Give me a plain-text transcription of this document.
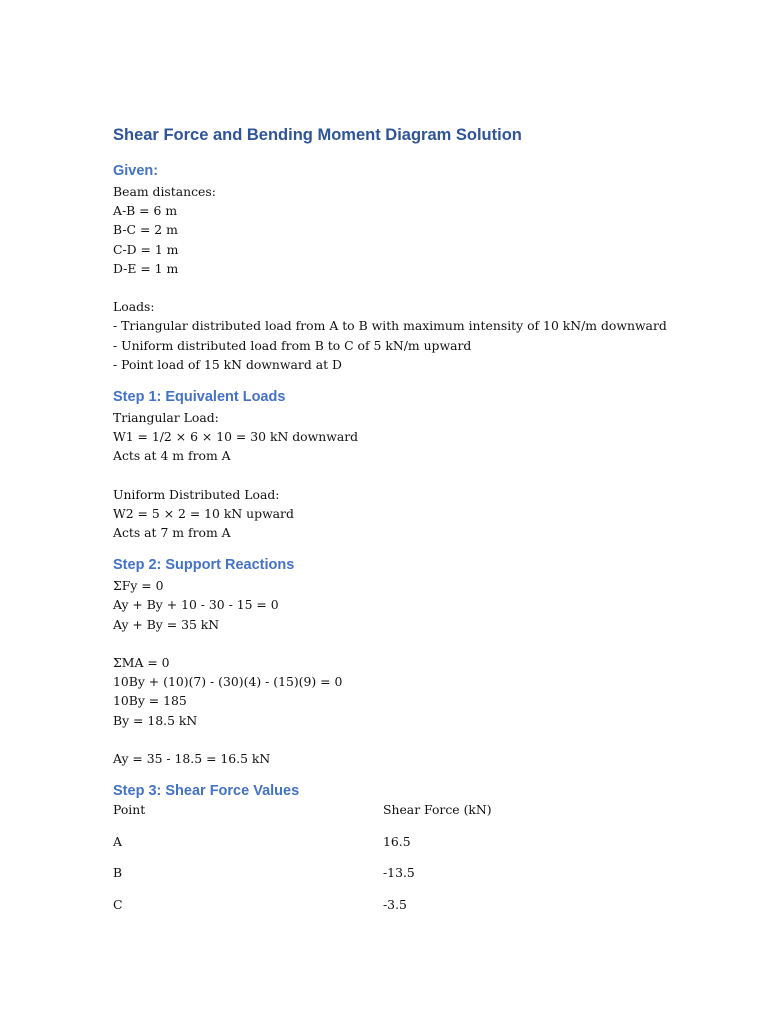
Shear Force and Bending Moment Diagram Solution
Given:
Beam distances:
A-B = 6 m
B-C = 2 m
C-D = 1 m
D-E = 1 m
Loads:
- Triangular distributed load from A to B with maximum intensity of 10 kN/m downward
- Uniform distributed load from B to C of 5 kN/m upward
- Point load of 15 kN downward at D
Step 1: Equivalent Loads
Triangular Load:
W1 = 1/2 × 6 × 10 = 30 kN downward
Acts at 4 m from A
Uniform Distributed Load:
W2 = 5 × 2 = 10 kN upward
Acts at 7 m from A
Step 2: Support Reactions
ΣFy = 0
Ay + By + 10 - 30 - 15 = 0
Ay + By = 35 kN
ΣMA = 0
10By + (10)(7) - (30)(4) - (15)(9) = 0
10By = 185
By = 18.5 kN
Ay = 35 - 18.5 = 16.5 kN
Step 3: Shear Force Values
Point	Shear Force (kN)
A	16.5
B	-13.5
C	-3.5
